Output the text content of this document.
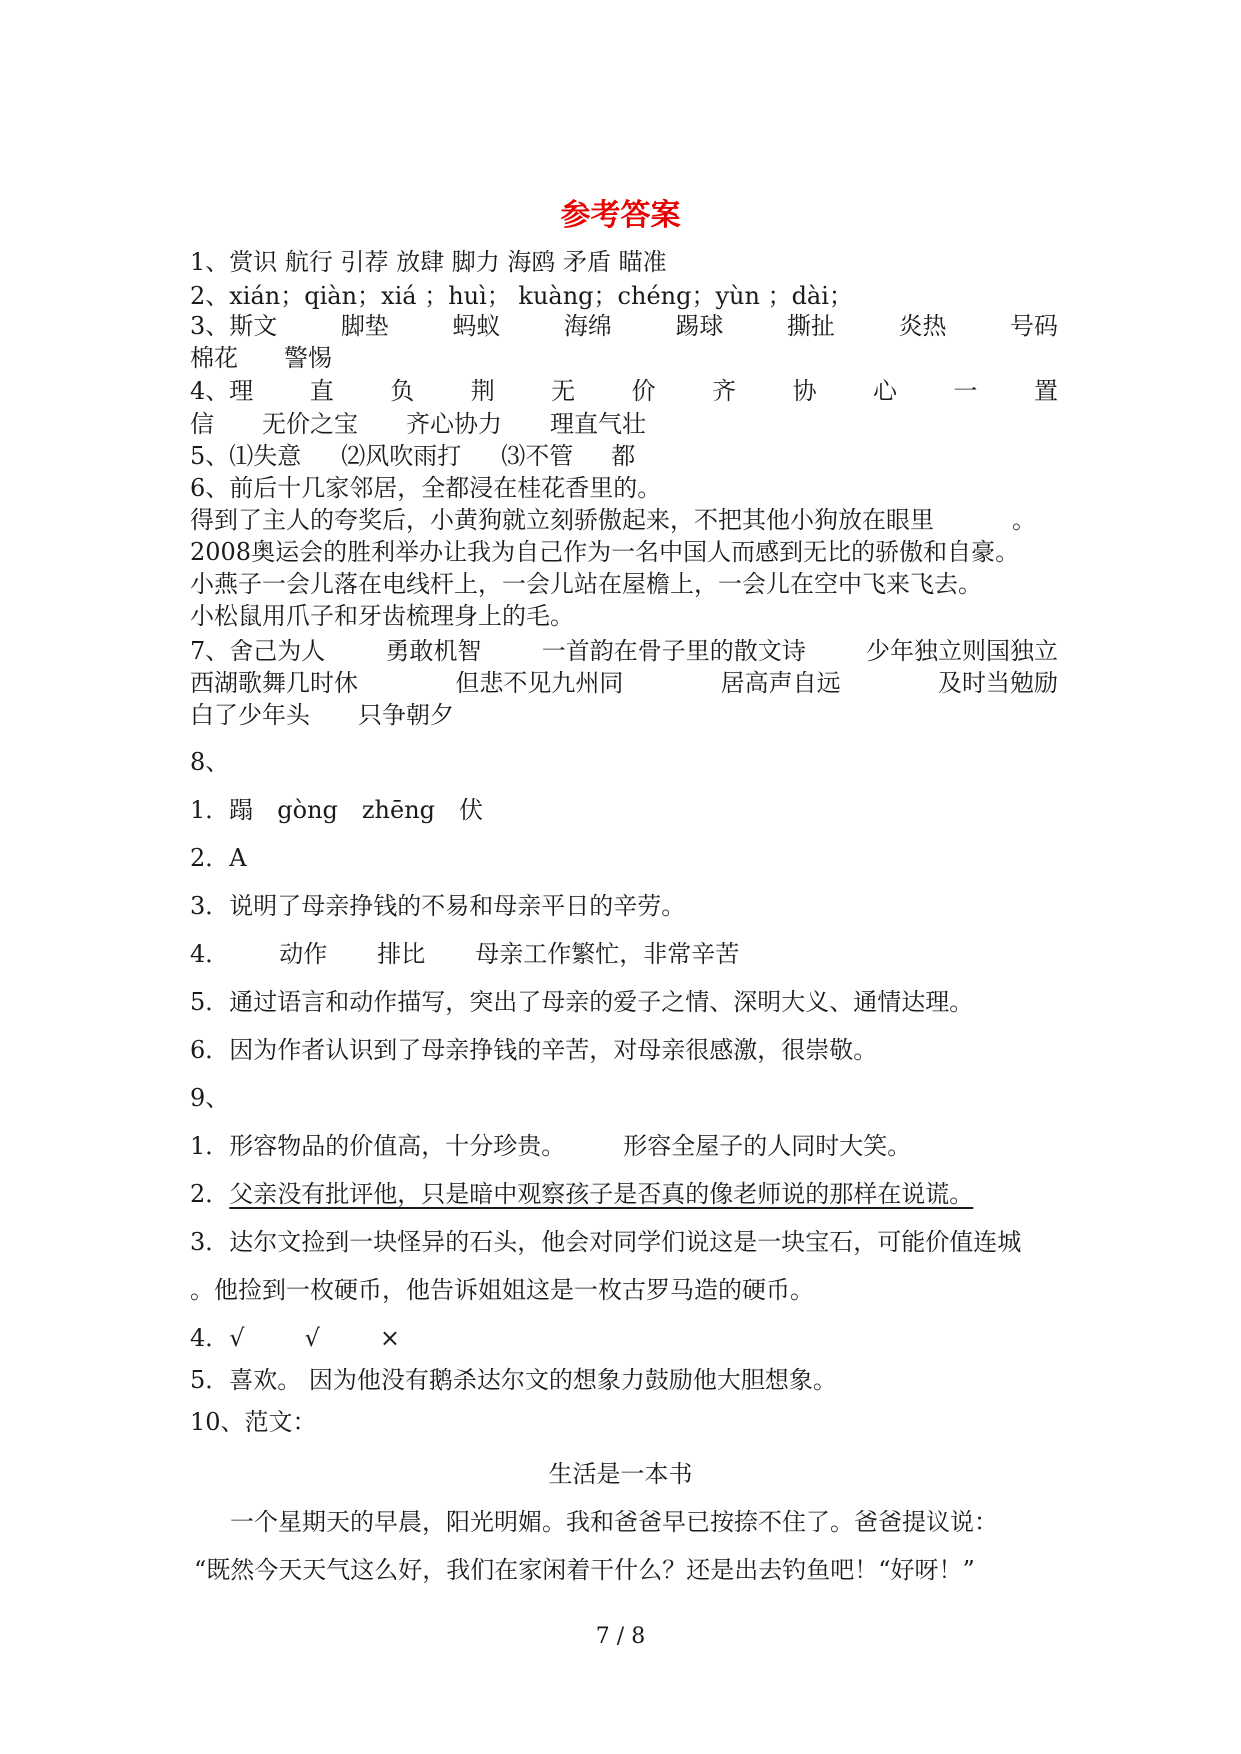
参考答案
1、赏识 航行 引荐 放肆 脚力 海鸥 矛盾 瞄准
2、xián；qiàn；xiá ；huì； kuàng；chéng；yùn ；dài；
3、斯文	脚垫	蚂蚁	海绵	踢球	撕扯	炎热	号码
棉花 警惕
4、理 直 负 荆 无 价 齐 协 心 一 置
信 无价之宝 齐心协力 理直气壮
5、⑴失意 ⑵风吹雨打 ⑶不管 都
6、前后十几家邻居，全都浸在桂花香里的。
得到了主人的夸奖后，小黄狗就立刻骄傲起来，不把其他小狗放在眼里	。
2008奥运会的胜利举办让我为自己作为一名中国人而感到无比的骄傲和自豪。
小燕子一会儿落在电线杆上，一会儿站在屋檐上，一会儿在空中飞来飞去。
小松鼠用爪子和牙齿梳理身上的毛。
7、舍己为人	勇敢机智	一首韵在骨子里的散文诗	少年独立则国独立
西湖歌舞几时休	但悲不见九州同	居高声自远	及时当勉励
白了少年头 只争朝夕
8、
1．蹋　gòng　zhēng　伏
2．A
3．说明了母亲挣钱的不易和母亲平日的辛劳。
4． 动作 排比 母亲工作繁忙，非常辛苦
5．通过语言和动作描写，突出了母亲的爱子之情、深明大义、通情达理。
6．因为作者认识到了母亲挣钱的辛苦，对母亲很感激，很崇敬。
9、
1．形容物品的价值高，十分珍贵。 形容全屋子的人同时大笑。
2．父亲没有批评他，只是暗中观察孩子是否真的像老师说的那样在说谎。
3．达尔文捡到一块怪异的石头，他会对同学们说这是一块宝石，可能价值连城
。他捡到一枚硬币，他告诉姐姐这是一枚古罗马造的硬币。
4．√	√	×
5．喜欢。 因为他没有鹅杀达尔文的想象力鼓励他大胆想象。
10、范文：
生活是一本书
一个星期天的早晨，阳光明媚。我和爸爸早已按捺不住了。爸爸提议说：
“既然今天天气这么好，我们在家闲着干什么？还是出去钓鱼吧！“好呀！”
7 / 8
